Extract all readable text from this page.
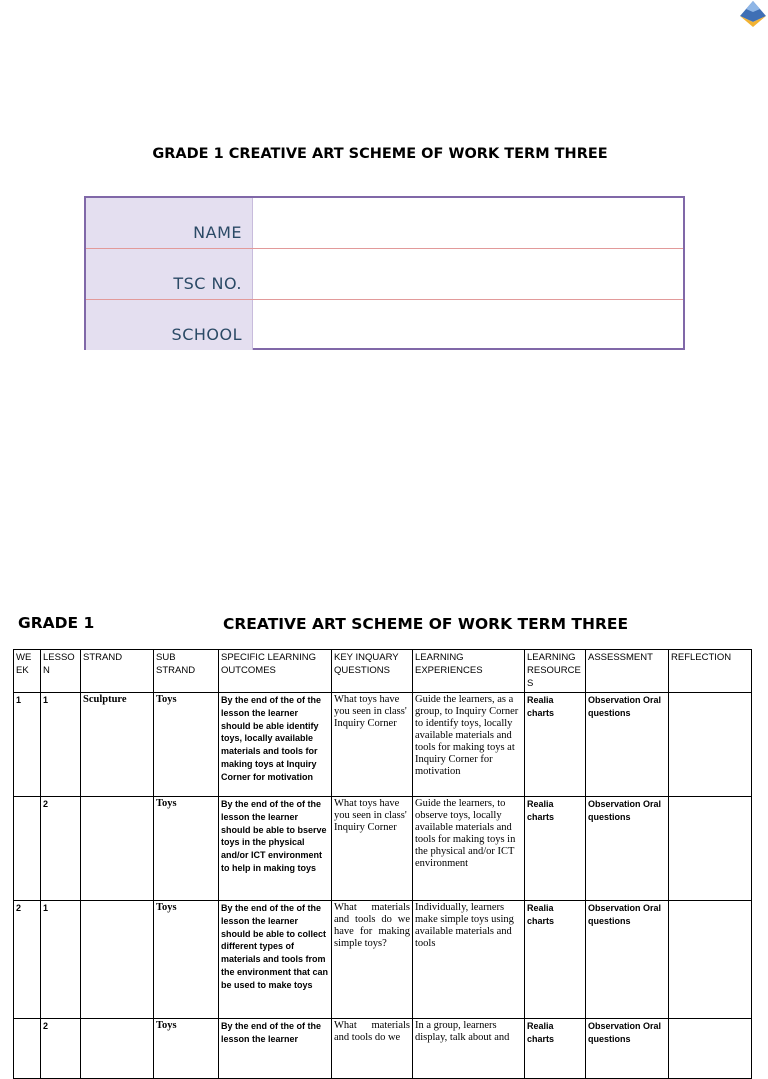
GRADE 1 CREATIVE ART SCHEME OF WORK TERM THREE
NAME
TSC NO.
SCHOOL
GRADE 1	CREATIVE ART SCHEME OF WORK TERM THREE
WE EK	LESSO N	STRAND	SUB STRAND	SPECIFIC LEARNING OUTCOMES	KEY INQUARY QUESTIONS	LEARNING EXPERIENCES	LEARNING RESOURCES	ASSESSMENT	REFLECTION
1	1	Sculpture	Toys	By the end of the of the lesson the learner should be able identify toys, locally available materials and tools for making toys at Inquiry Corner for motivation	What toys have you seen in class' Inquiry Corner	Guide the learners, as a group, to Inquiry Corner to identify toys, locally available materials and tools for making toys at Inquiry Corner for motivation	Realia charts	Observation Oral questions	
	2		Toys	By the end of the of the lesson the learner should be able to bserve toys in the physical and/or ICT environment to help in making toys	What toys have you seen in class' Inquiry Corner	Guide the learners, to observe toys, locally available materials and tools for making toys in the physical and/or ICT environment	Realia charts	Observation Oral questions	
2	1		Toys	By the end of the of the lesson the learner should be able to collect different types of materials and tools from the environment that can be used to make toys	What materials and tools do we have for making simple toys?	Individually, learners make simple toys using available materials and tools	Realia charts	Observation Oral questions	
	2		Toys	By the end of the of the lesson the learner	What materials and tools do we	In a group, learners display, talk about and	Realia charts	Observation Oral questions	
